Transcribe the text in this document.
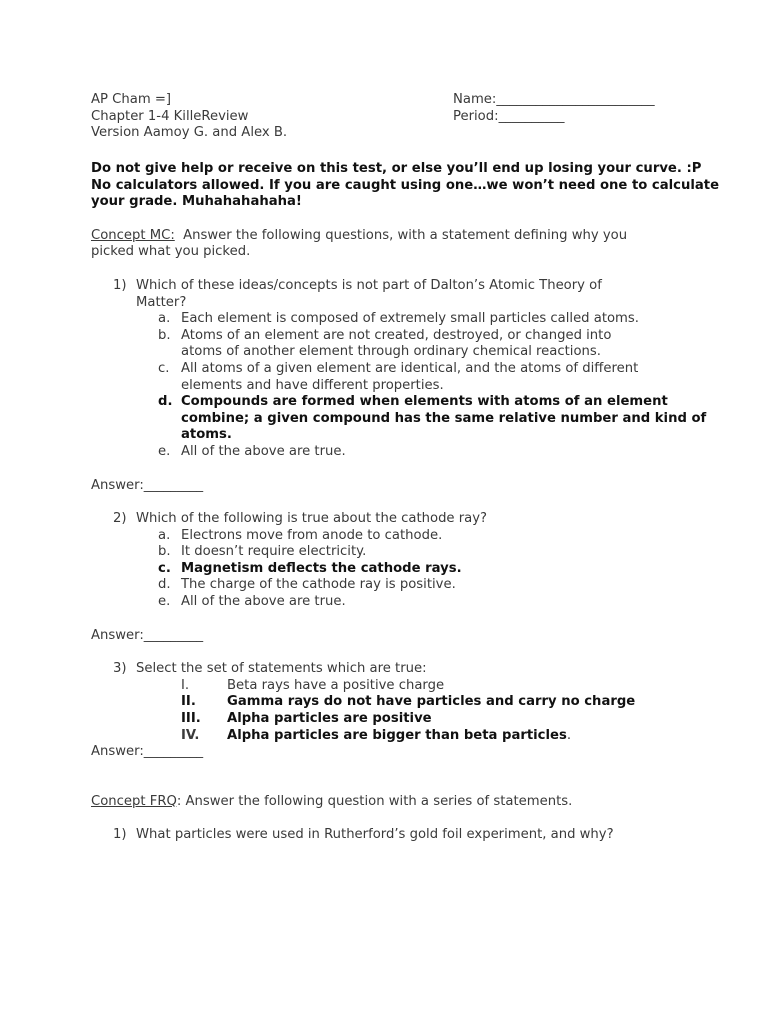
AP Cham =]
Chapter 1-4 KilleReview
Version Aamoy G. and Alex B.
Name:________________________
Period:__________
Do not give help or receive on this test, or else you’ll end up losing your curve. :P
No calculators allowed. If you are caught using one…we won’t need one to calculate
your grade. Muhahahahaha!
Concept MC:  Answer the following questions, with a statement defining why you
picked what you picked.
1) Which of these ideas/concepts is not part of Dalton’s Atomic Theory of
Matter?
a. Each element is composed of extremely small particles called atoms.
b. Atoms of an element are not created, destroyed, or changed into
atoms of another element through ordinary chemical reactions.
c. All atoms of a given element are identical, and the atoms of different
elements and have different properties.
d. Compounds are formed when elements with atoms of an element
combine; a given compound has the same relative number and kind of
atoms.
e. All of the above are true.
Answer:_________
2) Which of the following is true about the cathode ray?
a. Electrons move from anode to cathode.
b. It doesn’t require electricity.
c. Magnetism deflects the cathode rays.
d. The charge of the cathode ray is positive.
e. All of the above are true.
Answer:_________
3) Select the set of statements which are true:
I.	Beta rays have a positive charge
II.	Gamma rays do not have particles and carry no charge
III.	Alpha particles are positive
IV.	Alpha particles are bigger than beta particles.
Answer:_________
Concept FRQ: Answer the following question with a series of statements.
1) What particles were used in Rutherford’s gold foil experiment, and why?
